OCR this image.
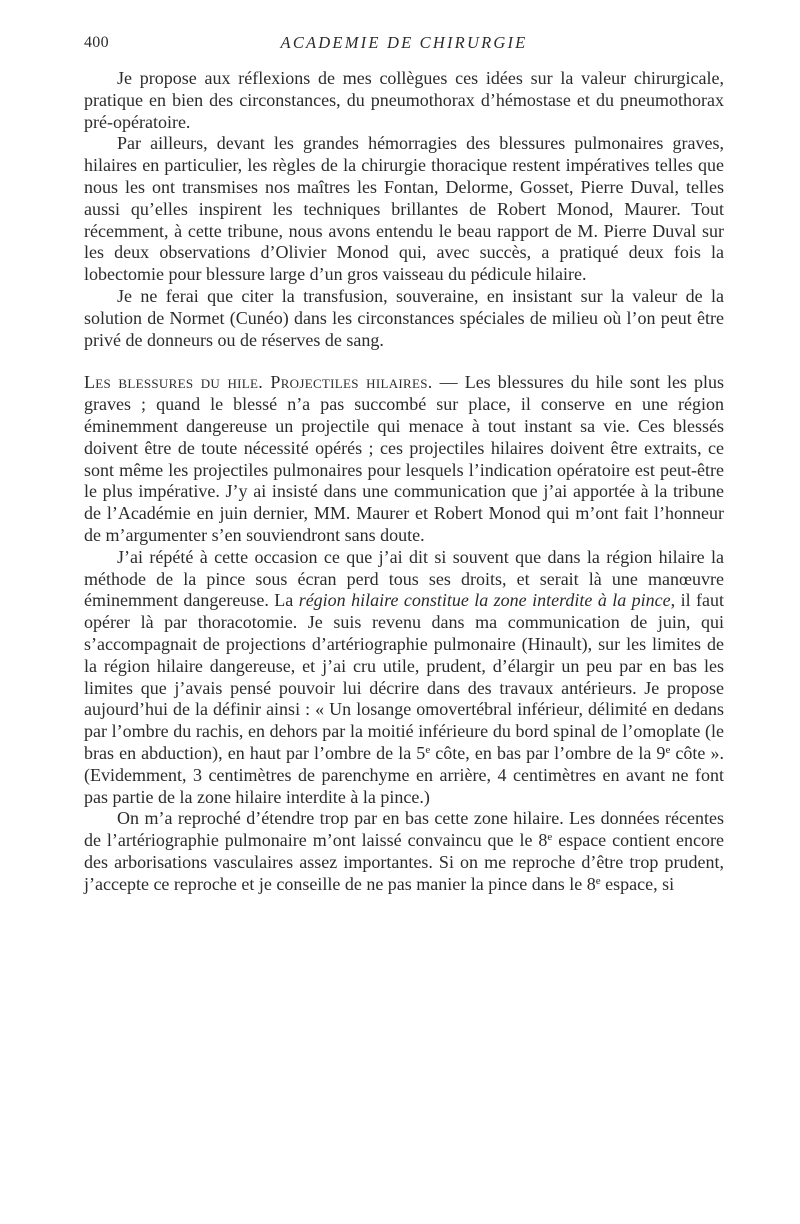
400	ACADEMIE DE CHIRURGIE

Je propose aux réflexions de mes collègues ces idées sur la valeur chirurgicale, pratique en bien des circonstances, du pneumothorax d’hémostase et du pneumothorax pré-opératoire.

Par ailleurs, devant les grandes hémorragies des blessures pulmonaires graves, hilaires en particulier, les règles de la chirurgie thoracique restent impératives telles que nous les ont transmises nos maîtres les Fontan, Delorme, Gosset, Pierre Duval, telles aussi qu’elles inspirent les techniques brillantes de Robert Monod, Maurer. Tout récemment, à cette tribune, nous avons entendu le beau rapport de M. Pierre Duval sur les deux observations d’Olivier Monod qui, avec succès, a pratiqué deux fois la lobectomie pour blessure large d’un gros vaisseau du pédicule hilaire.

Je ne ferai que citer la transfusion, souveraine, en insistant sur la valeur de la solution de Normet (Cunéo) dans les circonstances spéciales de milieu où l’on peut être privé de donneurs ou de réserves de sang.

Les blessures du hile. Projectiles hilaires. — Les blessures du hile sont les plus graves ; quand le blessé n’a pas succombé sur place, il conserve en une région éminemment dangereuse un projectile qui menace à tout instant sa vie. Ces blessés doivent être de toute nécessité opérés ; ces projectiles hilaires doivent être extraits, ce sont même les projectiles pulmonaires pour lesquels l’indication opératoire est peut-être le plus impérative. J’y ai insisté dans une communication que j’ai apportée à la tribune de l’Académie en juin dernier, MM. Maurer et Robert Monod qui m’ont fait l’honneur de m’argumenter s’en souviendront sans doute.

J’ai répété à cette occasion ce que j’ai dit si souvent que dans la région hilaire la méthode de la pince sous écran perd tous ses droits, et serait là une manœuvre éminemment dangereuse. La région hilaire constitue la zone interdite à la pince, il faut opérer là par thoracotomie. Je suis revenu dans ma communication de juin, qui s’accompagnait de projections d’artériographie pulmonaire (Hinault), sur les limites de la région hilaire dangereuse, et j’ai cru utile, prudent, d’élargir un peu par en bas les limites que j’avais pensé pouvoir lui décrire dans des travaux antérieurs. Je propose aujourd’hui de la définir ainsi : « Un losange omovertébral inférieur, délimité en dedans par l’ombre du rachis, en dehors par la moitié inférieure du bord spinal de l’omoplate (le bras en abduction), en haut par l’ombre de la 5e côte, en bas par l’ombre de la 9e côte ». (Evidemment, 3 centimètres de parenchyme en arrière, 4 centimètres en avant ne font pas partie de la zone hilaire interdite à la pince.)

On m’a reproché d’étendre trop par en bas cette zone hilaire. Les données récentes de l’artériographie pulmonaire m’ont laissé convaincu que le 8e espace contient encore des arborisations vasculaires assez importantes. Si on me reproche d’être trop prudent, j’accepte ce reproche et je conseille de ne pas manier la pince dans le 8e espace, si
